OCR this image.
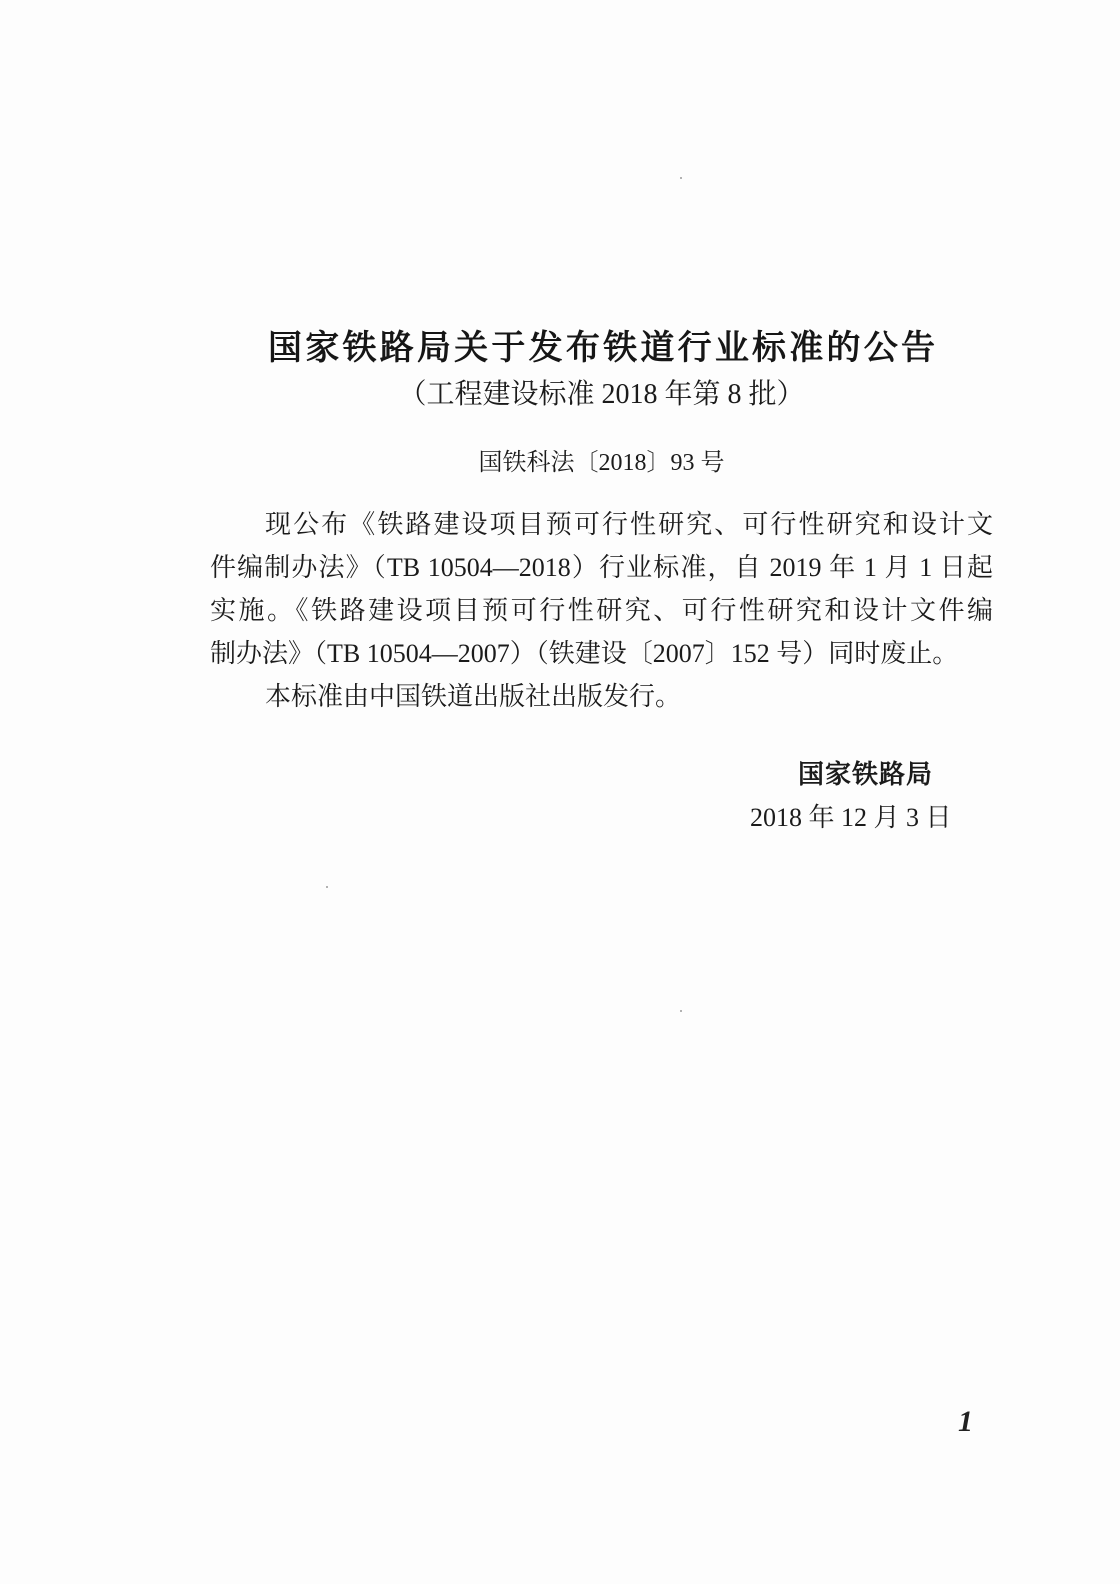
国家铁路局关于发布铁道行业标准的公告
（工程建设标准 2018 年第 8 批）
国铁科法〔2018〕93 号

现公布《铁路建设项目预可行性研究、可行性研究和设计文

件编制办法》（TB 10504—2018）行业标准，自 2019 年 1 月 1 日起

实施。《铁路建设项目预可行性研究、可行性研究和设计文件编

制办法》（TB 10504—2007）（铁建设〔2007〕152 号）同时废止。

本标准由中国铁道出版社出版发行。

国家铁路局
2018 年 12 月 3 日
1
